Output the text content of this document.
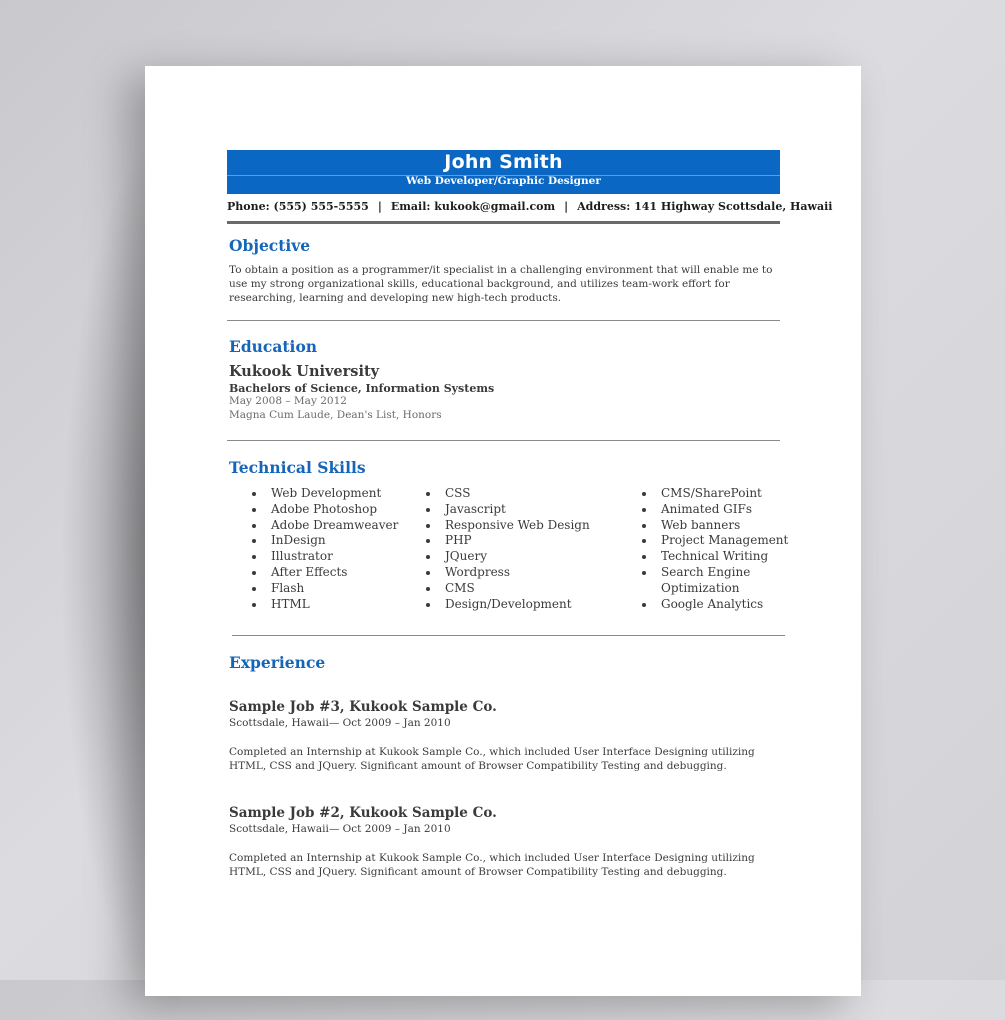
John Smith
Web Developer/Graphic Designer
Phone: (555) 555-5555 | Email: kukook@gmail.com | Address: 141 Highway Scottsdale, Hawaii
Objective
To obtain a position as a programmer/it specialist in a challenging environment that will enable me to use my strong organizational skills, educational background, and utilizes team-work effort for researching, learning and developing new high-tech products.
Education
Kukook University
Bachelors of Science, Information Systems
May 2008 – May 2012
Magna Cum Laude, Dean's List, Honors
Technical Skills
Web Development
Adobe Photoshop
Adobe Dreamweaver
InDesign
Illustrator
After Effects
Flash
HTML
CSS
Javascript
Responsive Web Design
PHP
JQuery
Wordpress
CMS
Design/Development
CMS/SharePoint
Animated GIFs
Web banners
Project Management
Technical Writing
Search Engine
Optimization
Google Analytics
Experience
Sample Job #3, Kukook Sample Co.
Scottsdale, Hawaii— Oct 2009 – Jan 2010
Completed an Internship at Kukook Sample Co., which included User Interface Designing utilizing HTML, CSS and JQuery. Significant amount of Browser Compatibility Testing and debugging.
Sample Job #2, Kukook Sample Co.
Scottsdale, Hawaii— Oct 2009 – Jan 2010
Completed an Internship at Kukook Sample Co., which included User Interface Designing utilizing HTML, CSS and JQuery. Significant amount of Browser Compatibility Testing and debugging.
